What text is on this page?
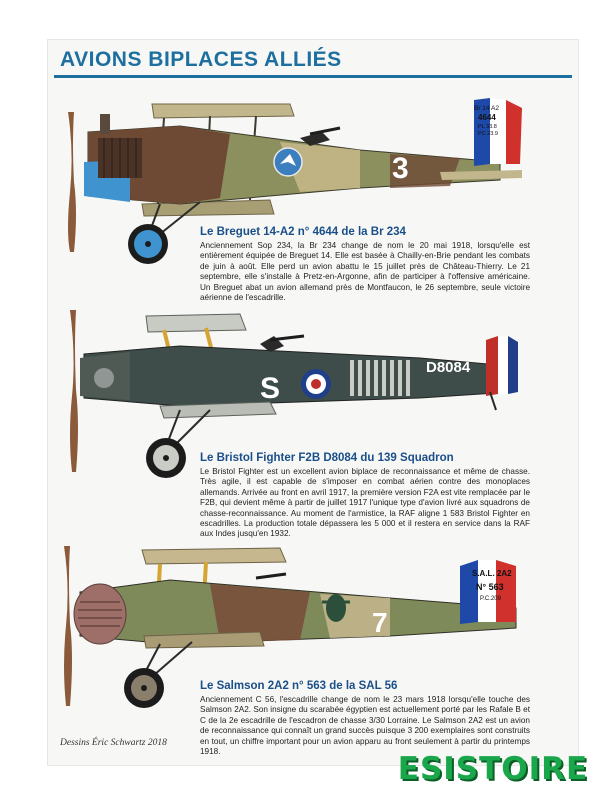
AVIONS BIPLACES ALLIÉS
3
Br 14 A2
4644
PL 33.8
PC 23.9

Le Breguet 14-A2 n° 4644 de la Br 234

Anciennement Sop 234, la Br 234 change de nom le 20 mai 1918, lorsqu'elle est entièrement équipée de Breguet 14. Elle est basée à Chailly-en-Brie pendant les combats de juin à août. Elle perd un avion abattu le 15 juillet près de Château-Thierry. Le 21 septembre, elle s'installe à Pretz-en-Argonne, afin de participer à l'offensive américaine. Un Breguet abat un avion allemand près de Montfaucon, le 26 septembre, seule victoire aérienne de l'escadrille.

S
D8084

Le Bristol Fighter F2B D8084 du 139 Squadron

Le Bristol Fighter est un excellent avion biplace de reconnaissance et même de chasse. Très agile, il est capable de s'imposer en combat aérien contre des monoplaces allemands. Arrivée au front en avril 1917, la première version F2A est vite remplacée par le F2B, qui devient même à partir de juillet 1917 l'unique type d'avion livré aux squadrons de chasse-reconnaissance. Au moment de l'armistice, la RAF aligne 1 583 Bristol Fighter en escadrilles. La production totale dépassera les 5 000 et il restera en service dans la RAF aux Indes jusqu'en 1932.

7
S.A.L. 2A2
N° 563
P.C.209

Le Salmson 2A2 n° 563 de la SAL 56

Anciennement C 56, l'escadrille change de nom le 23 mars 1918 lorsqu'elle touche des Salmson 2A2. Son insigne du scarabée égyptien est actuellement porté par les Rafale B et C de la 2e escadrille de l'escadron de chasse 3/30 Lorraine. Le Salmson 2A2 est un avion de reconnaissance qui connaît un grand succès puisque 3 200 exemplaires sont construits en tout, un chiffre important pour un avion apparu au front seulement à partir du printemps 1918.

Dessins Éric Schwartz 2018
ESISTOIRE
